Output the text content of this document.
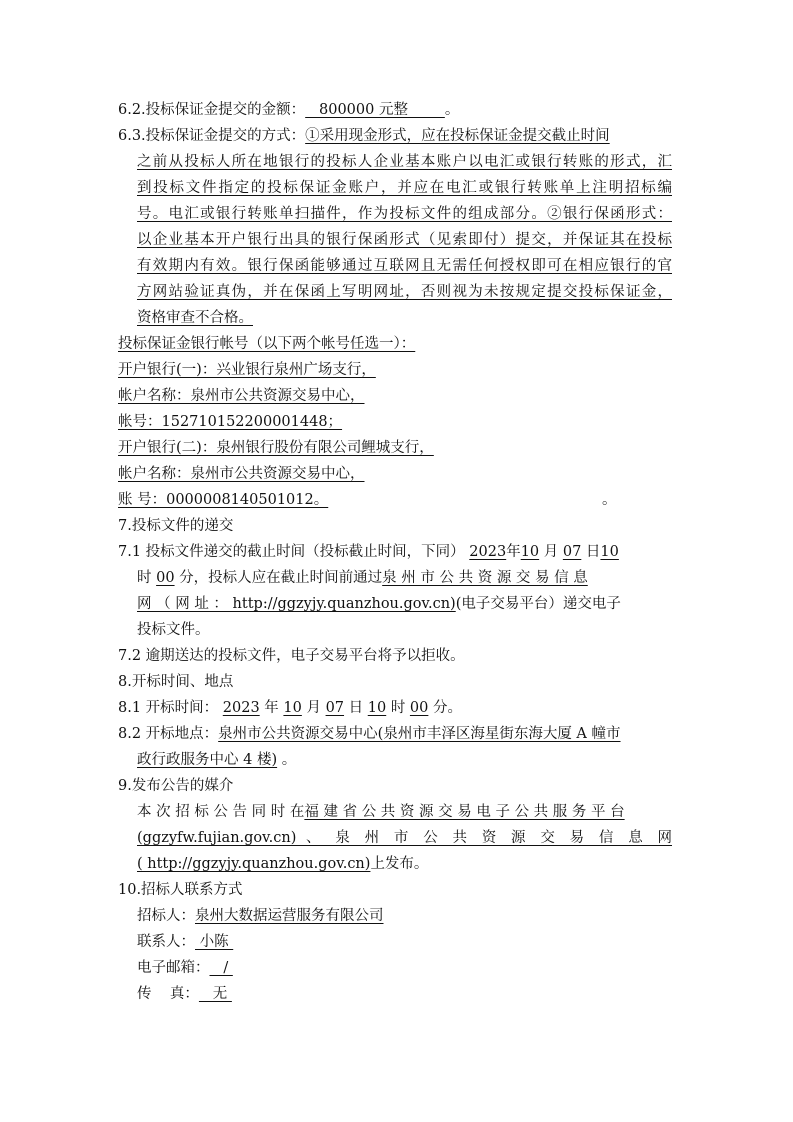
6.2.投标保证金提交的金额：   800000 元整        。
6.3.投标保证金提交的方式：①采用现金形式，应在投标保证金提交截止时间
之前从投标人所在地银行的投标人企业基本账户以电汇或银行转账的形式，汇
到投标文件指定的投标保证金账户，并应在电汇或银行转账单上注明招标编
号。电汇或银行转账单扫描件，作为投标文件的组成部分。②银行保函形式：
以企业基本开户银行出具的银行保函形式（见索即付）提交，并保证其在投标
有效期内有效。银行保函能够通过互联网且无需任何授权即可在相应银行的官
方网站验证真伪，并在保函上写明网址，否则视为未按规定提交投标保证金，
资格审查不合格。
投标保证金银行帐号（以下两个帐号任选一）：
开户银行(一)：兴业银行泉州广场支行，
帐户名称：泉州市公共资源交易中心，
帐号：152710152200001448；
开户银行(二)：泉州银行股份有限公司鲤城支行，
帐户名称：泉州市公共资源交易中心，
账 号：0000008140501012。	。
7.投标文件的递交
7.1 投标文件递交的截止时间（投标截止时间，下同） 2023年10 月 07 日10
时 00 分，投标人应在截止时间前通过泉 州 市 公 共 资 源 交 易 信 息
网 （ 网 址 ： http://ggzyjy.quanzhou.gov.cn)(电子交易平台）递交电子
投标文件。
7.2 逾期送达的投标文件，电子交易平台将予以拒收。
8.开标时间、地点
8.1 开标时间： 2023 年 10 月 07 日 10 时 00 分。
8.2 开标地点：泉州市公共资源交易中心(泉州市丰泽区海星街东海大厦 A 幢市
政行政服务中心 4 楼) 。
9.发布公告的媒介
本 次 招 标 公 告 同 时 在福 建 省 公 共 资 源 交 易 电 子 公 共 服 务 平 台
(ggzyfw.fujian.gov.cn) 、 泉 州 市 公 共 资 源 交 易 信 息 网
( http://ggzyjy.quanzhou.gov.cn)上发布。
10.招标人联系方式
招标人：泉州大数据运营服务有限公司
联系人： 小陈
电子邮箱：   /
传    真：   无
